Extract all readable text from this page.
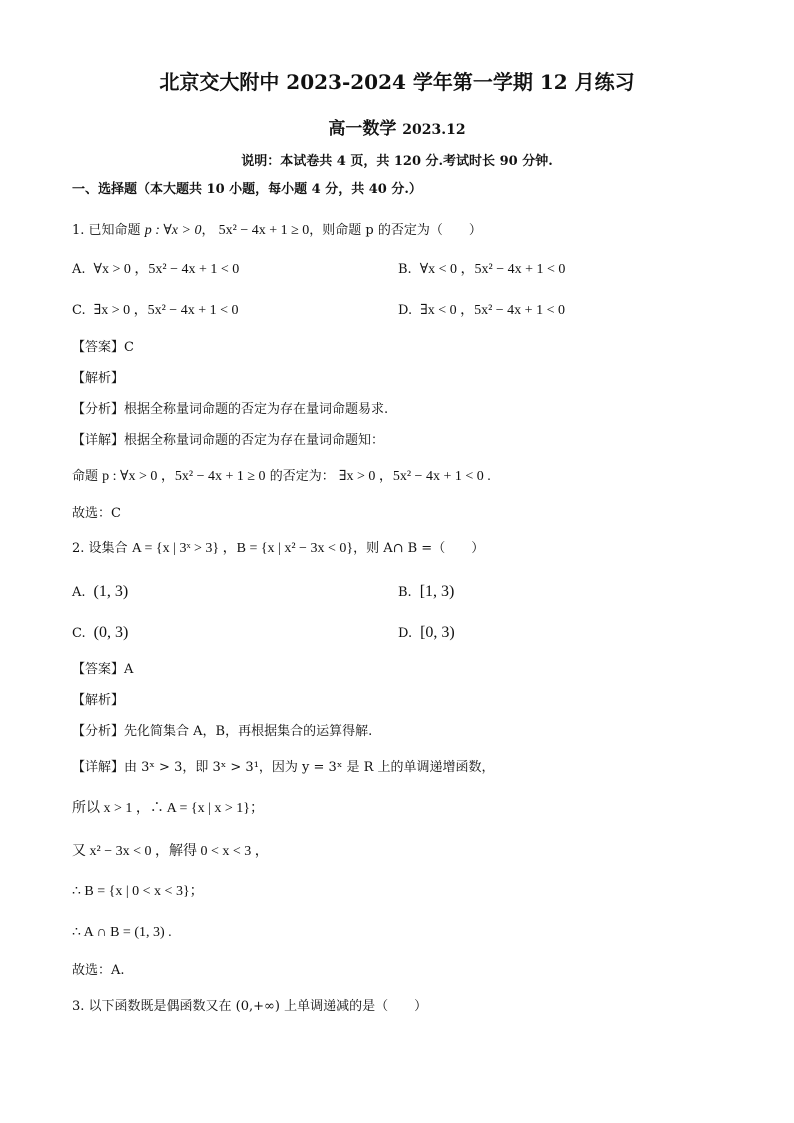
北京交大附中 2023-2024 学年第一学期 12 月练习
高一数学 2023.12
说明：本试卷共 4 页，共 120 分.考试时长 90 分钟.
一、选择题（本大题共 10 小题，每小题 4 分，共 40 分.）
1. 已知命题 p : ∀x > 0， 5x² − 4x + 1 ≥ 0，则命题 p 的否定为（　　）
A. ∀x > 0 ，5x² − 4x + 1 < 0	B. ∀x < 0 ，5x² − 4x + 1 < 0
C. ∃x > 0 ，5x² − 4x + 1 < 0	D. ∃x < 0 ，5x² − 4x + 1 < 0
【答案】C
【解析】
【分析】根据全称量词命题的否定为存在量词命题易求.
【详解】根据全称量词命题的否定为存在量词命题知：
命题 p : ∀x > 0 ，5x² − 4x + 1 ≥ 0 的否定为： ∃x > 0 ，5x² − 4x + 1 < 0 .
故选：C
2. 设集合 A = {x | 3ˣ > 3} ，B = {x | x² − 3x < 0}，则 A∩ B =（　　）
A. (1, 3)	B. [1, 3)
C. (0, 3)	D. [0, 3)
【答案】A
【解析】
【分析】先化简集合 A，B，再根据集合的运算得解.
【详解】由 3ˣ > 3，即 3ˣ > 3¹，因为 y = 3ˣ 是 R 上的单调递增函数，
所以 x > 1 ，∴ A = {x | x > 1}；
又 x² − 3x < 0 ，解得 0 < x < 3 ，
∴ B = {x | 0 < x < 3}；
∴ A ∩ B = (1, 3) .
故选：A.
3. 以下函数既是偶函数又在 (0,+∞) 上单调递减的是（　　）
